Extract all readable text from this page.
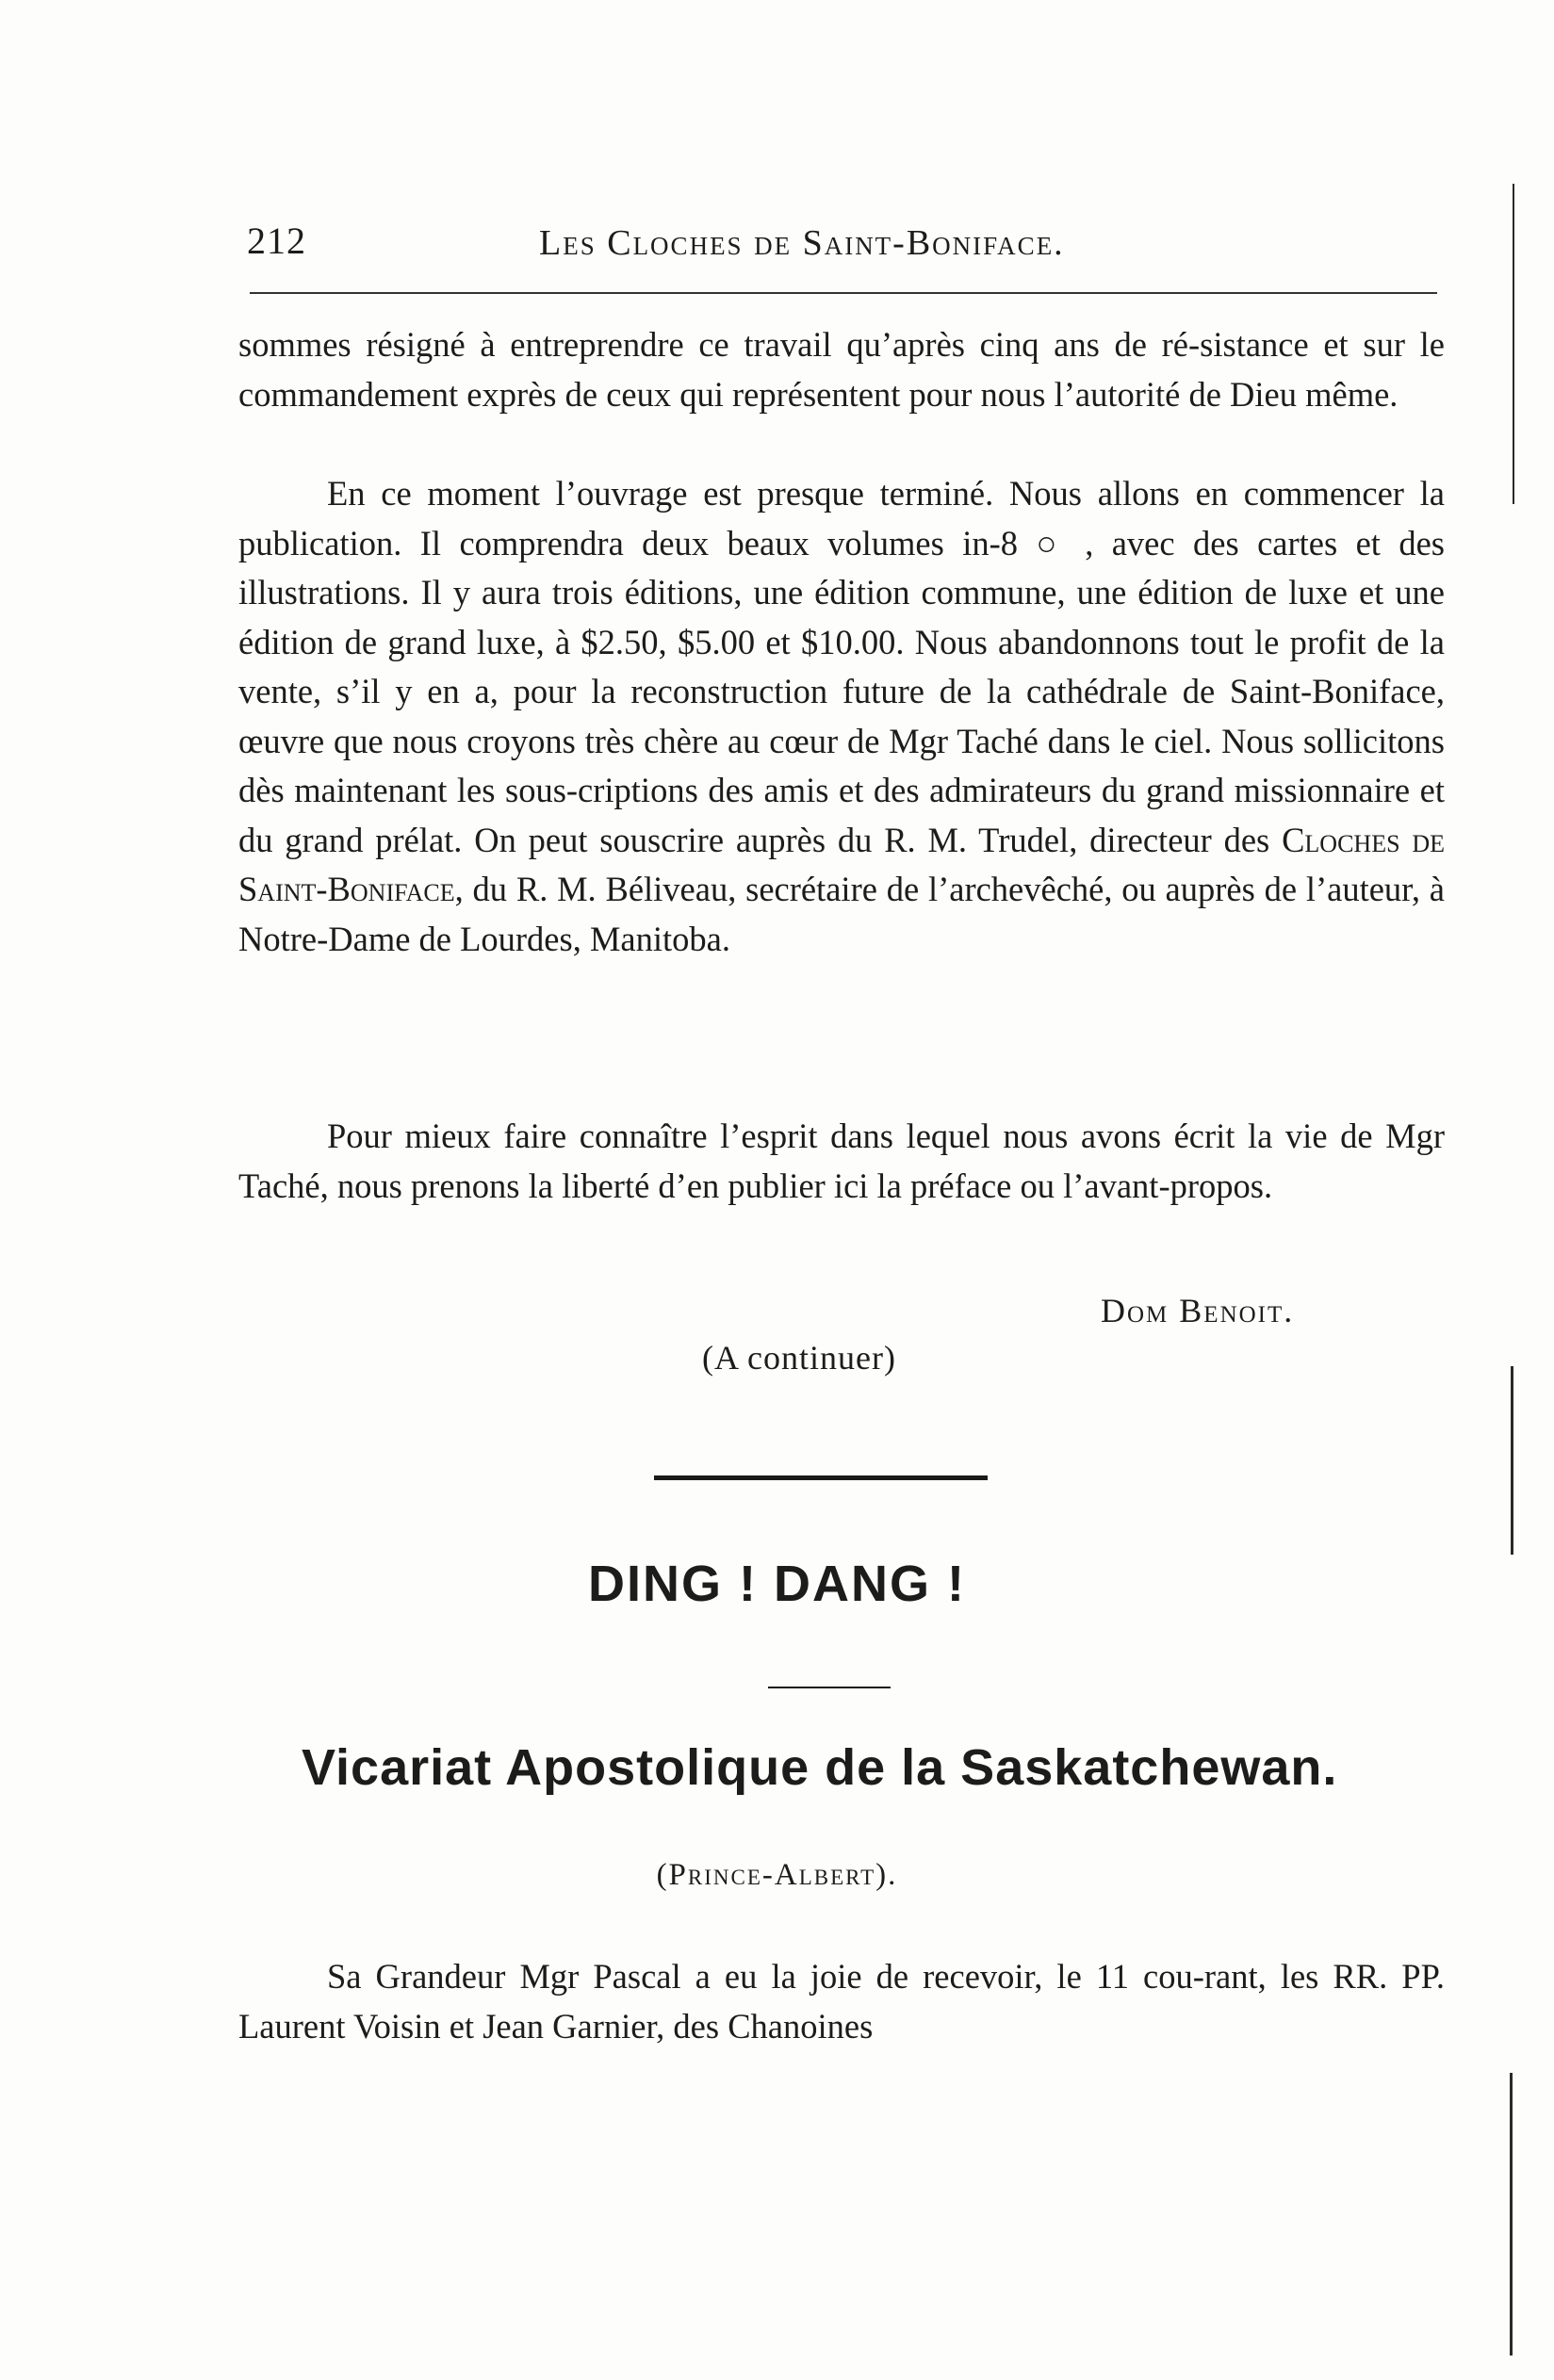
212	Les Cloches de Saint-Boniface.

sommes résigné à entreprendre ce travail qu’après cinq ans de ré-sistance et sur le commandement exprès de ceux qui représentent pour nous l’autorité de Dieu même.

En ce moment l’ouvrage est presque terminé. Nous allons en commencer la publication. Il comprendra deux beaux volumes in-8 ○ , avec des cartes et des illustrations. Il y aura trois éditions, une édition commune, une édition de luxe et une édition de grand luxe, à $2.50, $5.00 et $10.00. Nous abandonnons tout le profit de la vente, s’il y en a, pour la reconstruction future de la cathédrale de Saint-Boniface, œuvre que nous croyons très chère au cœur de Mgr Taché dans le ciel. Nous sollicitons dès maintenant les sous-criptions des amis et des admirateurs du grand missionnaire et du grand prélat. On peut souscrire auprès du R. M. Trudel, directeur des Cloches de Saint-Boniface, du R. M. Béliveau, secrétaire de l’archevêché, ou auprès de l’auteur, à Notre-Dame de Lourdes, Manitoba.

Pour mieux faire connaître l’esprit dans lequel nous avons écrit la vie de Mgr Taché, nous prenons la liberté d’en publier ici la préface ou l’avant-propos.

Dom Benoit.
(A continuer)
DING ! DANG !
Vicariat Apostolique de la Saskatchewan.
(Prince-Albert).

Sa Grandeur Mgr Pascal a eu la joie de recevoir, le 11 cou-rant, les RR. PP. Laurent Voisin et Jean Garnier, des Chanoines
